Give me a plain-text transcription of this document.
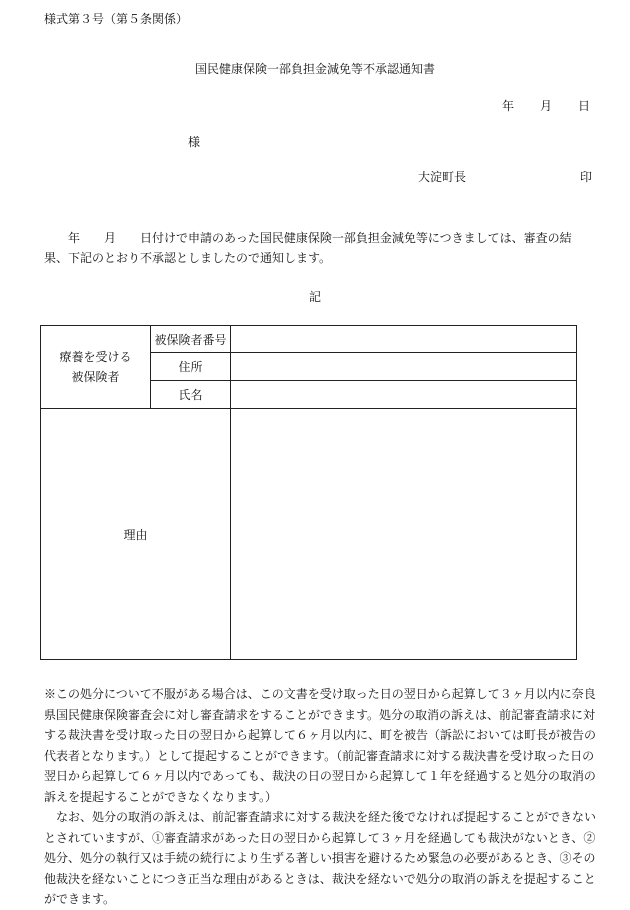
様式第３号（第５条関係）
国民健康保険一部負担金減免等不承認通知書
年 月 日
様
大淀町長	印
年　　月　　日付けで申請のあった国民健康保険一部負担金減免等につきましては、審査の結果、下記のとおり不承認としましたので通知します。
記
療養を受ける
被保険者	被保険者番号	
	住所	
	氏名	
理由		

※この処分について不服がある場合は、この文書を受け取った日の翌日から起算して３ヶ月以内に奈良県国民健康保険審査会に対し審査請求をすることができます。処分の取消の訴えは、前記審査請求に対する裁決書を受け取った日の翌日から起算して６ヶ月以内に、町を被告（訴訟においては町長が被告の代表者となります。）として提起することができます。（前記審査請求に対する裁決書を受け取った日の翌日から起算して６ヶ月以内であっても、裁決の日の翌日から起算して１年を経過すると処分の取消の訴えを提起することができなくなります。）

なお、処分の取消の訴えは、前記審査請求に対する裁決を経た後でなければ提起することができないとされていますが、①審査請求があった日の翌日から起算して３ヶ月を経過しても裁決がないとき、②処分、処分の執行又は手続の続行により生ずる著しい損害を避けるため緊急の必要があるとき、③その他裁決を経ないことにつき正当な理由があるときは、裁決を経ないで処分の取消の訴えを提起することができます。
